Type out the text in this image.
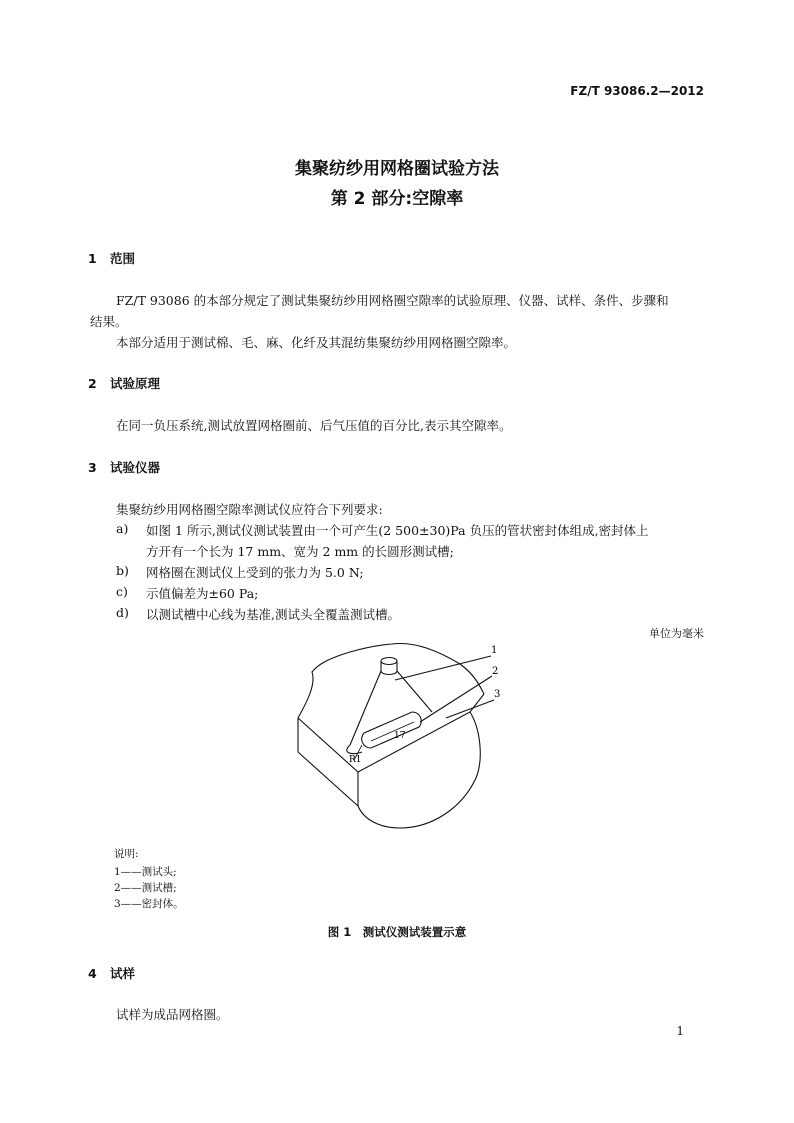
FZ/T 93086.2—2012
集聚纺纱用网格圈试验方法
第 2 部分:空隙率
1 范围
FZ/T 93086 的本部分规定了测试集聚纺纱用网格圈空隙率的试验原理、仪器、试样、条件、步骤和
结果。
本部分适用于测试棉、毛、麻、化纤及其混纺集聚纺纱用网格圈空隙率。
2 试验原理
在同一负压系统,测试放置网格圈前、后气压值的百分比,表示其空隙率。
3 试验仪器
集聚纺纱用网格圈空隙率测试仪应符合下列要求:
a) 如图 1 所示,测试仪测试装置由一个可产生(2 500±30)Pa 负压的管状密封体组成,密封体上
方开有一个长为 17 mm、宽为 2 mm 的长圆形测试槽;
b) 网格圈在测试仪上受到的张力为 5.0 N;
c) 示值偏差为±60 Pa;
d) 以测试槽中心线为基准,测试头全覆盖测试槽。
单位为毫米
1
2
3
17
R1
说明:
1——测试头;
2——测试槽;
3——密封体。
图 1　测试仪测试装置示意
4 试样
试样为成品网格圈。
1
